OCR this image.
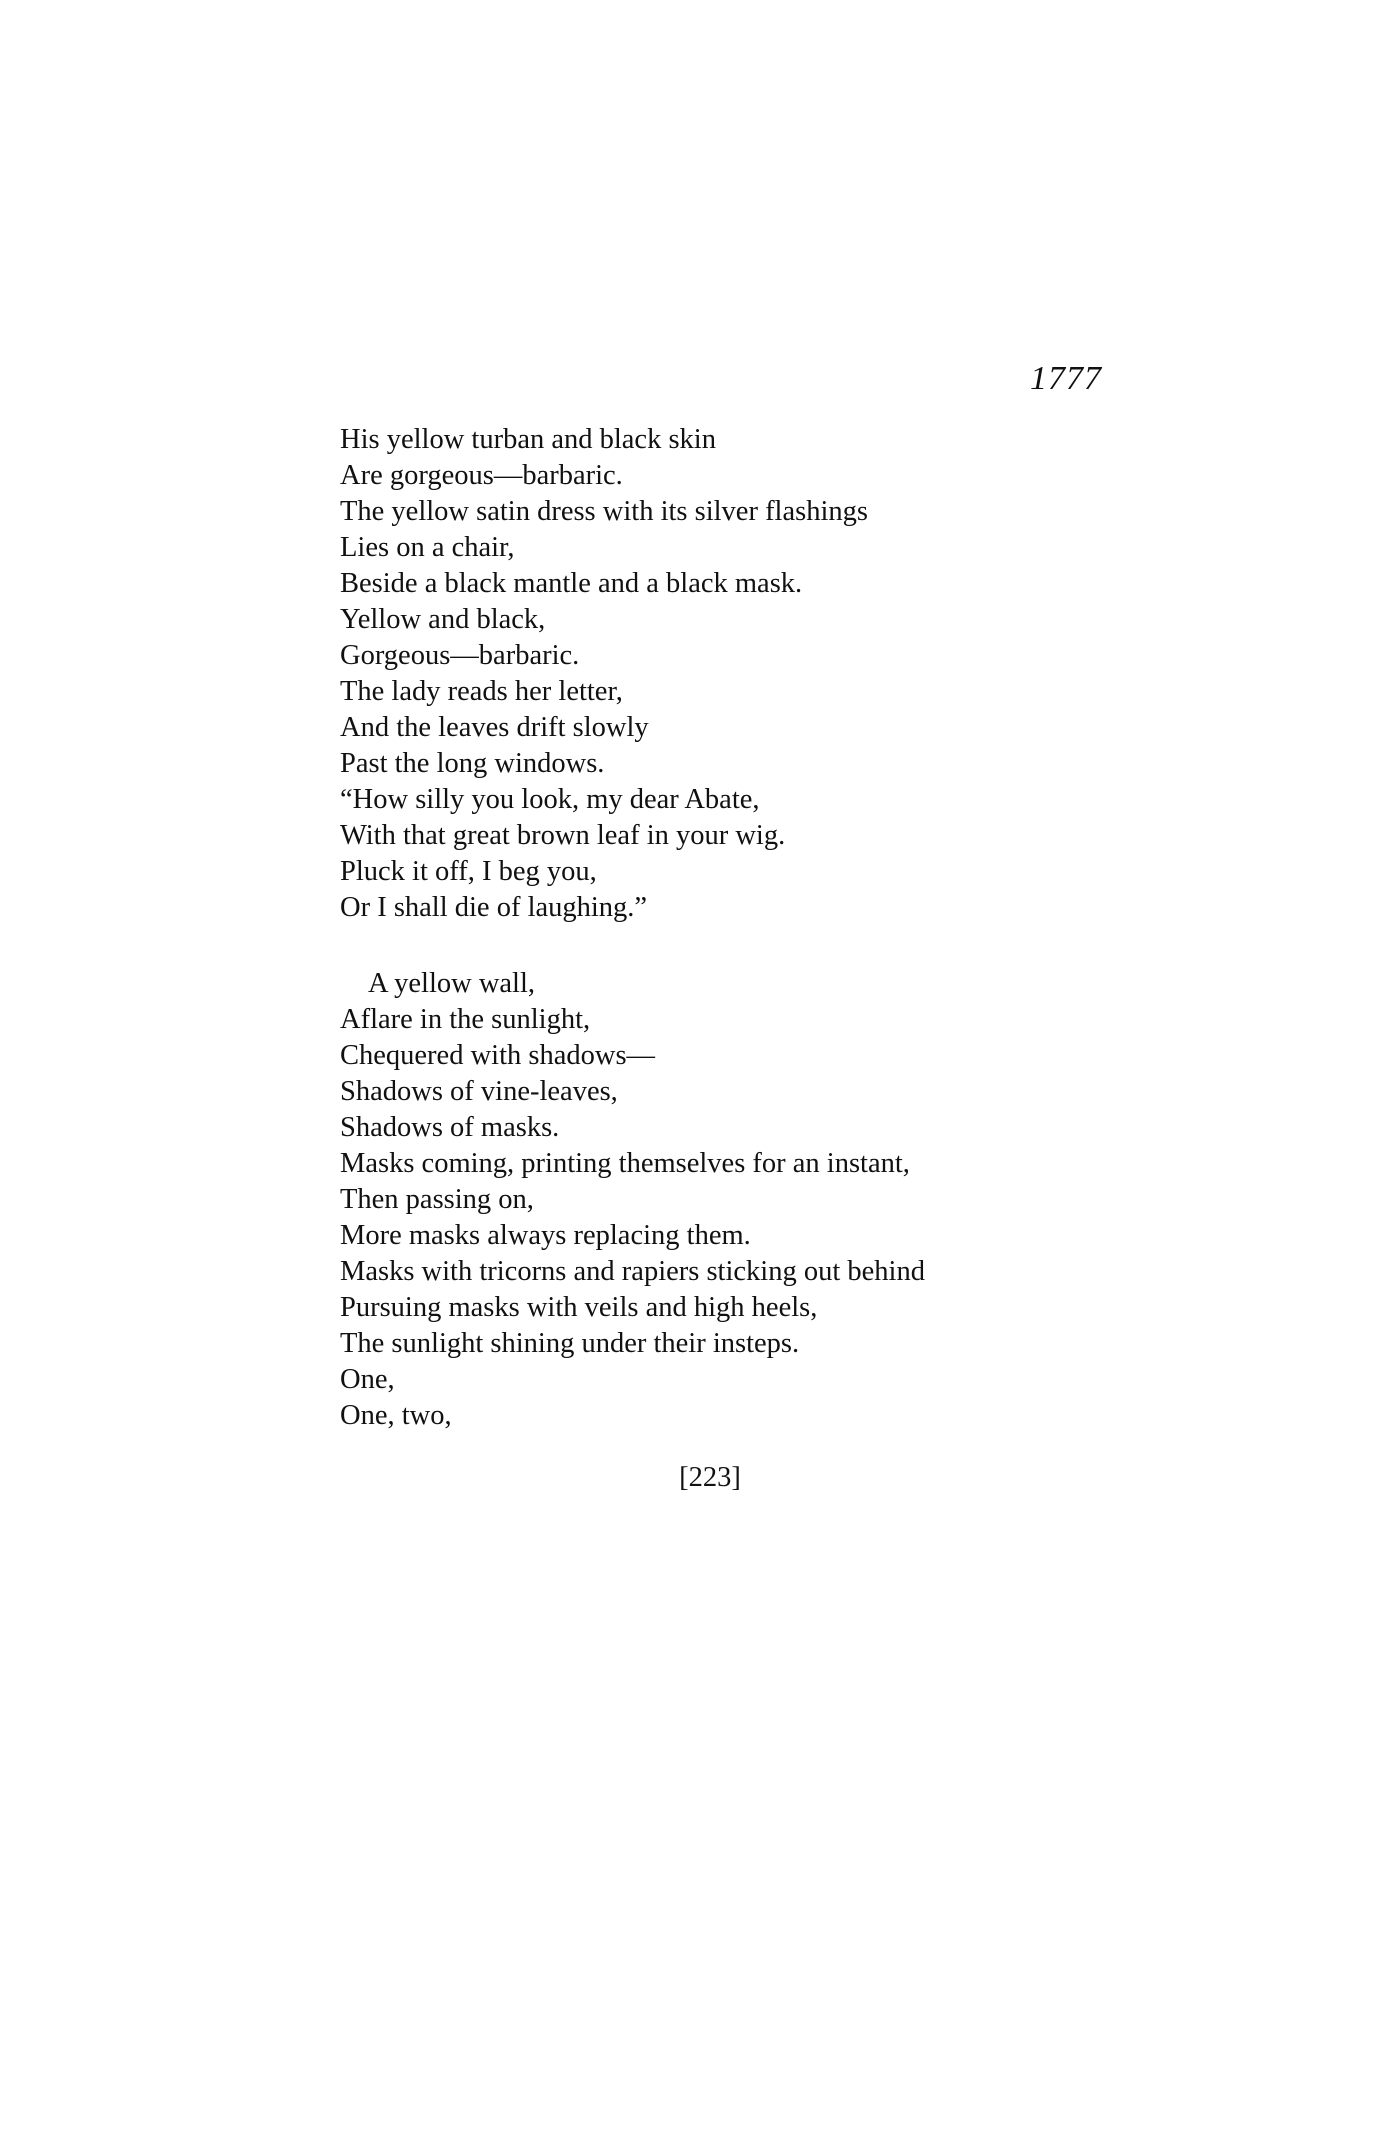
1777
His yellow turban and black skin
Are gorgeous—barbaric.
The yellow satin dress with its silver flashings
Lies on a chair,
Beside a black mantle and a black mask.
Yellow and black,
Gorgeous—barbaric.
The lady reads her letter,
And the leaves drift slowly
Past the long windows.
“How silly you look, my dear Abate,
With that great brown leaf in your wig.
Pluck it off, I beg you,
Or I shall die of laughing.”
A yellow wall,
Aflare in the sunlight,
Chequered with shadows—
Shadows of vine-leaves,
Shadows of masks.
Masks coming, printing themselves for an instant,
Then passing on,
More masks always replacing them.
Masks with tricorns and rapiers sticking out behind
Pursuing masks with veils and high heels,
The sunlight shining under their insteps.
One,
One, two,
[223]
